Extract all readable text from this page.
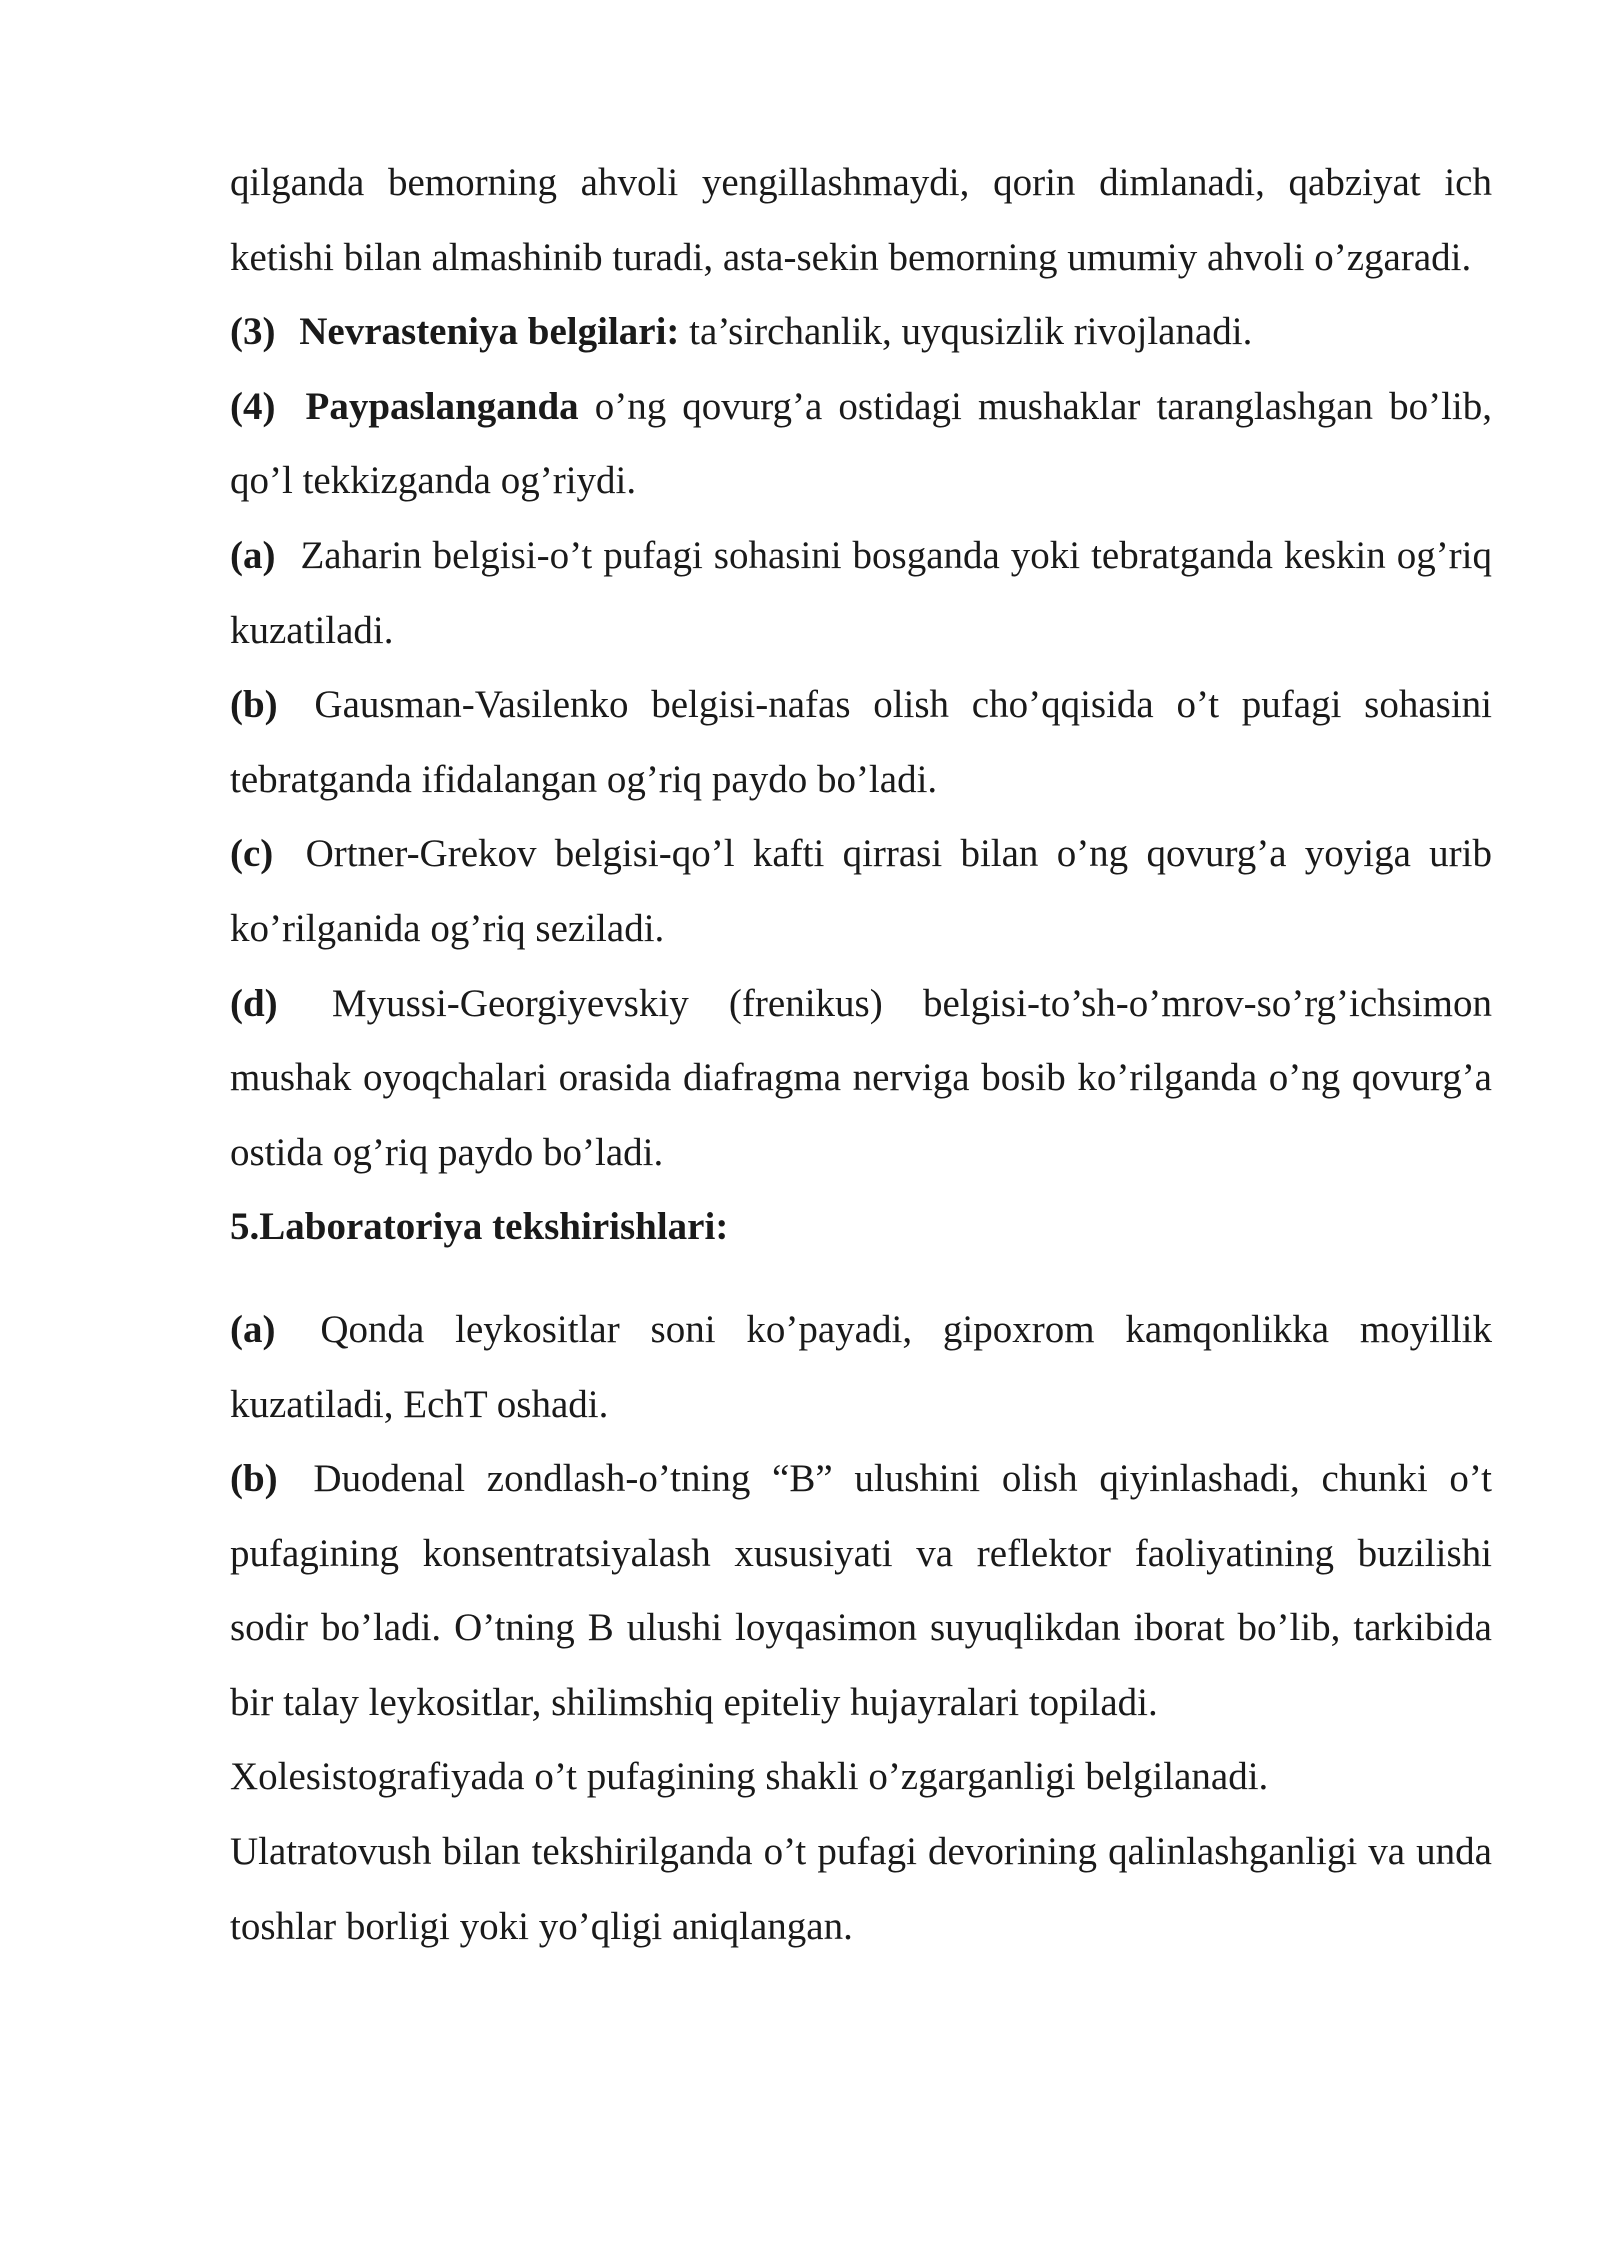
qilganda bemorning ahvoli yengillashmaydi, qorin dimlanadi, qabziyat ich ketishi bilan almashinib turadi, asta-sekin bemorning umumiy ahvoli o’zgaradi.

(3) Nevrasteniya belgilari: ta’sirchanlik, uyqusizlik rivojlanadi.

(4) Paypaslanganda o’ng qovurg’a ostidagi mushaklar taranglashgan bo’lib, qo’l tekkizganda og’riydi.

(a) Zaharin belgisi-o’t pufagi sohasini bosganda yoki tebratganda keskin og’riq kuzatiladi.

(b) Gausman-Vasilenko belgisi-nafas olish cho’qqisida o’t pufagi sohasini tebratganda ifidalangan og’riq paydo bo’ladi.

(c) Ortner-Grekov belgisi-qo’l kafti qirrasi bilan o’ng qovurg’a yoyiga urib ko’rilganida og’riq seziladi.

(d) Myussi-Georgiyevskiy (frenikus) belgisi-to’sh-o’mrov-so’rg’ichsimon mushak oyoqchalari orasida diafragma nerviga bosib ko’rilganda o’ng qovurg’a ostida og’riq paydo bo’ladi.

5.Laboratoriya tekshirishlari:

(a) Qonda leykositlar soni ko’payadi, gipoxrom kamqonlikka moyillik kuzatiladi, EchT oshadi.

(b) Duodenal zondlash-o’tning “B” ulushini olish qiyinlashadi, chunki o’t pufagining konsentratsiyalash xususiyati va reflektor faoliyatining buzilishi sodir bo’ladi. O’tning B ulushi loyqasimon suyuqlikdan iborat bo’lib, tarkibida bir talay leykositlar, shilimshiq epiteliy hujayralari topiladi.

Xolesistografiyada o’t pufagining shakli o’zgarganligi belgilanadi.

Ulatratovush bilan tekshirilganda o’t pufagi devorining qalinlashganligi va unda toshlar borligi yoki yo’qligi aniqlangan.
